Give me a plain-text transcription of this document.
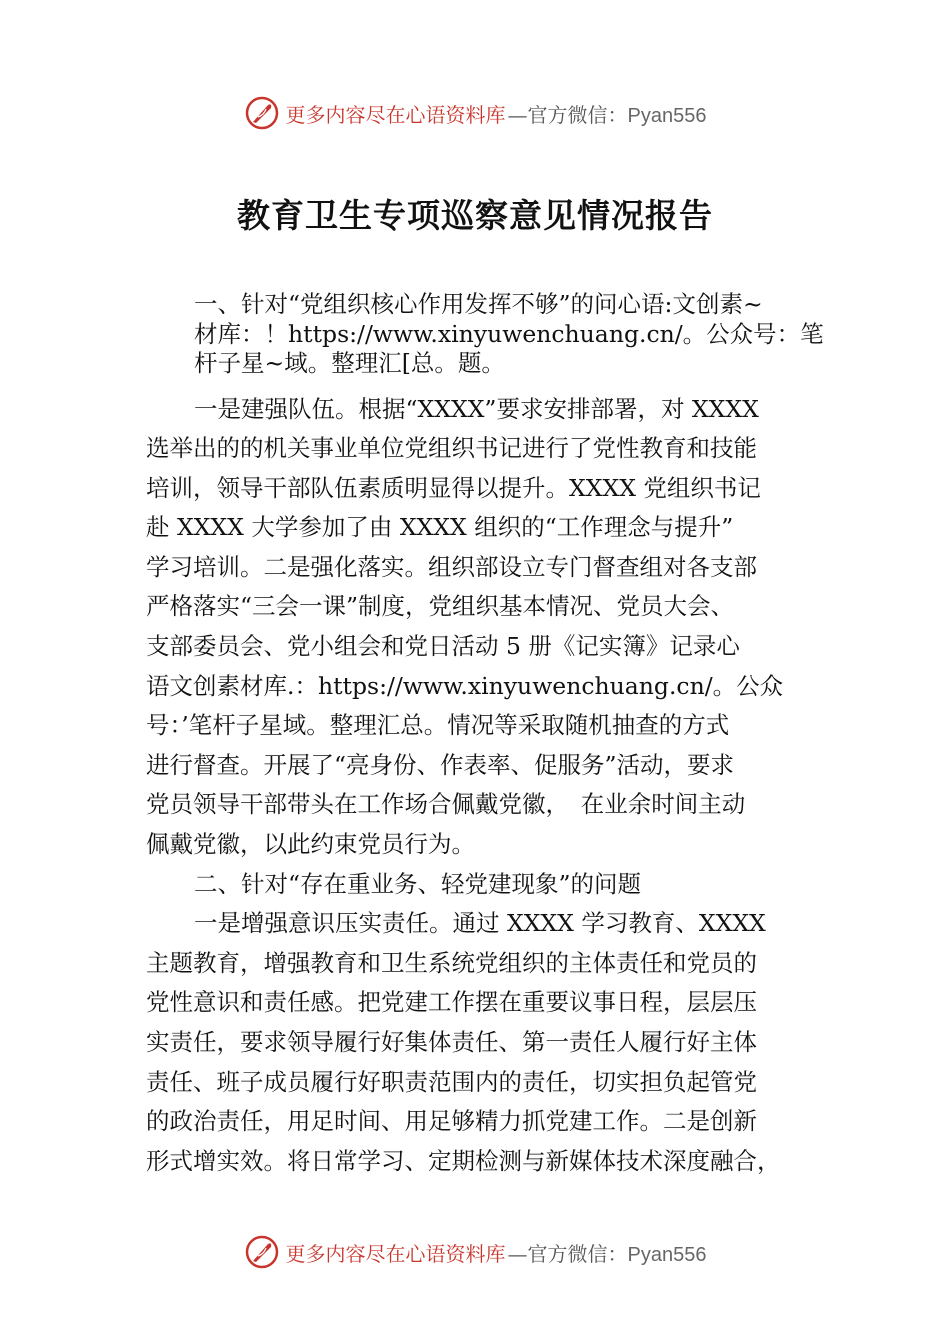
更多内容尽在心语资料库 —官方微信：Pyan556
教育卫生专项巡察意见情况报告
一、针对“党组织核心作用发挥不够”的问心语:文创素~
材库：！https://www.xinyuwenchuang.cn/。公众号：笔
杆子星~域。整理汇[总。题。
一是建强队伍。根据“XXXX”要求安排部署，对 XXXX
选举出的的机关事业单位党组织书记进行了党性教育和技能
培训，领导干部队伍素质明显得以提升。XXXX 党组织书记
赴 XXXX 大学参加了由 XXXX 组织的“工作理念与提升”
学习培训。二是强化落实。组织部设立专门督查组对各支部
严格落实“三会一课”制度，党组织基本情况、党员大会、
支部委员会、党小组会和党日活动 5 册《记实簿》记录心
语文创素材库.：https://www.xinyuwenchuang.cn/。公众
号：’笔杆子星域。整理汇总。情况等采取随机抽查的方式
进行督查。开展了“亮身份、作表率、促服务”活动，要求
党员领导干部带头在工作场合佩戴党徽，　在业余时间主动
佩戴党徽，以此约束党员行为。
二、针对“存在重业务、轻党建现象”的问题
一是增强意识压实责任。通过 XXXX 学习教育、XXXX
主题教育，增强教育和卫生系统党组织的主体责任和党员的
党性意识和责任感。把党建工作摆在重要议事日程，层层压
实责任，要求领导履行好集体责任、第一责任人履行好主体
责任、班子成员履行好职责范围内的责任，切实担负起管党
的政治责任，用足时间、用足够精力抓党建工作。二是创新
形式增实效。将日常学习、定期检测与新媒体技术深度融合，
更多内容尽在心语资料库 —官方微信：Pyan556
